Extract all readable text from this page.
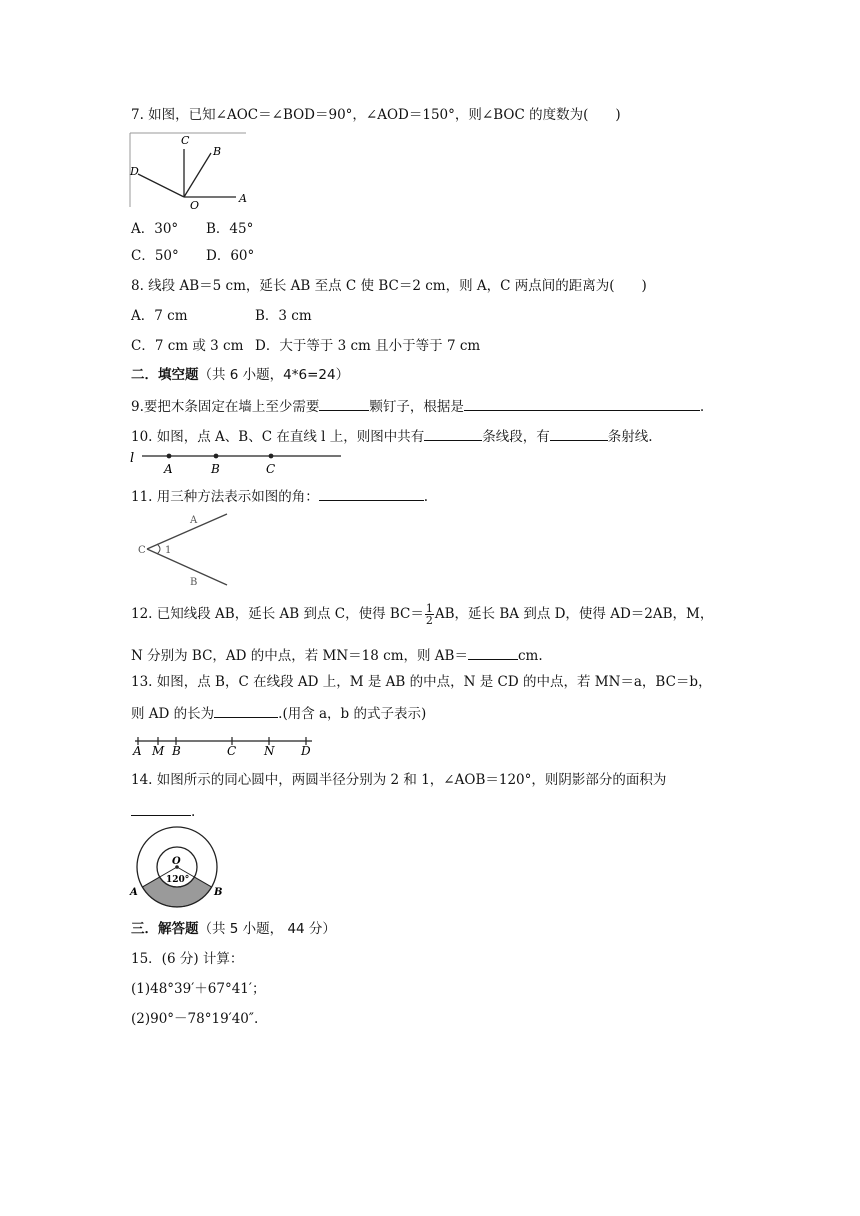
7. 如图，已知∠AOC＝∠BOD＝90°，∠AOD＝150°，则∠BOC 的度数为(　　)
C
B
D
O
A
A．30° B．45°
C．50° D．60°
8. 线段 AB＝5 cm，延长 AB 至点 C 使 BC＝2 cm，则 A，C 两点间的距离为(　　)
A．7 cm	B．3 cm
C．7 cm 或 3 cm D．大于等于 3 cm 且小于等于 7 cm
二．填空题（共 6 小题，4*6=24）
9.要把木条固定在墙上至少需要	颗钉子，根据是	.
10. 如图，点 A、B、C 在直线 l 上，则图中共有	条线段，有	条射线.
l
A	B	C
11. 用三种方法表示如图的角：	.
A
C 1
B
12. 已知线段 AB，延长 AB 到点 C，使得 $BC= \frac{1}{2}$ AB，延长 BA 到点 D，使得 AD＝2AB，M，
N 分别为 BC，AD 的中点，若 MN＝18 cm，则 AB＝	cm.
13. 如图，点 B，C 在线段 AD 上，M 是 AB 的中点，N 是 CD 的中点，若 MN＝a，BC＝b，
则 AD 的长为	.(用含 a，b 的式子表示)
A M B	C N D
14. 如图所示的同心圆中，两圆半径分别为 2 和 1，∠AOB＝120°，则阴影部分的面积为
.
O
120°
A	B
三．解答题（共 5 小题， 44 分）
15．(6 分) 计算：
(1)48°39′＋67°41′；
(2)90°－78°19′40″.
